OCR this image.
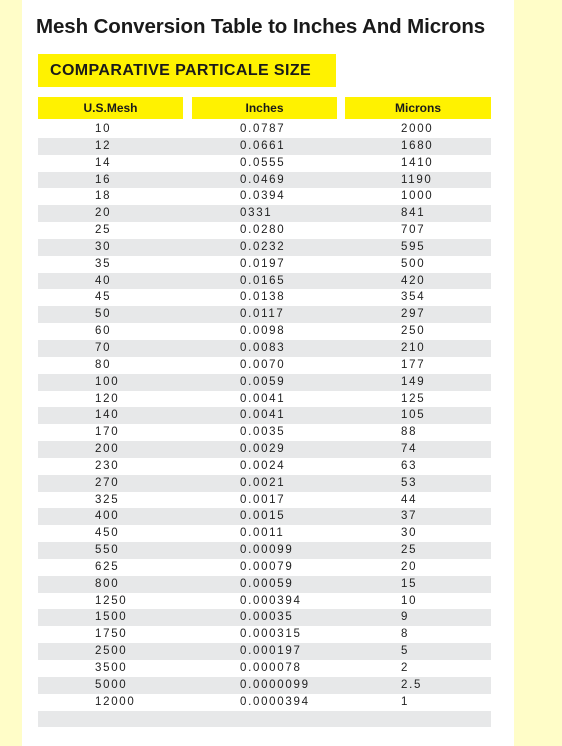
Mesh Conversion Table to Inches And Microns
COMPARATIVE PARTICALE SIZE
U.S.Mesh	Inches	Microns
10	0.0787	2000
12	0.0661	1680
14	0.0555	1410
16	0.0469	1190
18	0.0394	1000
20	0331	841
25	0.0280	707
30	0.0232	595
35	0.0197	500
40	0.0165	420
45	0.0138	354
50	0.0117	297
60	0.0098	250
70	0.0083	210
80	0.0070	177
100	0.0059	149
120	0.0041	125
140	0.0041	105
170	0.0035	88
200	0.0029	74
230	0.0024	63
270	0.0021	53
325	0.0017	44
400	0.0015	37
450	0.0011	30
550	0.00099	25
625	0.00079	20
800	0.00059	15
1250	0.000394	10
1500	0.00035	9
1750	0.000315	8
2500	0.000197	5
3500	0.000078	2
5000	0.0000099	2.5
12000	0.0000394	1
